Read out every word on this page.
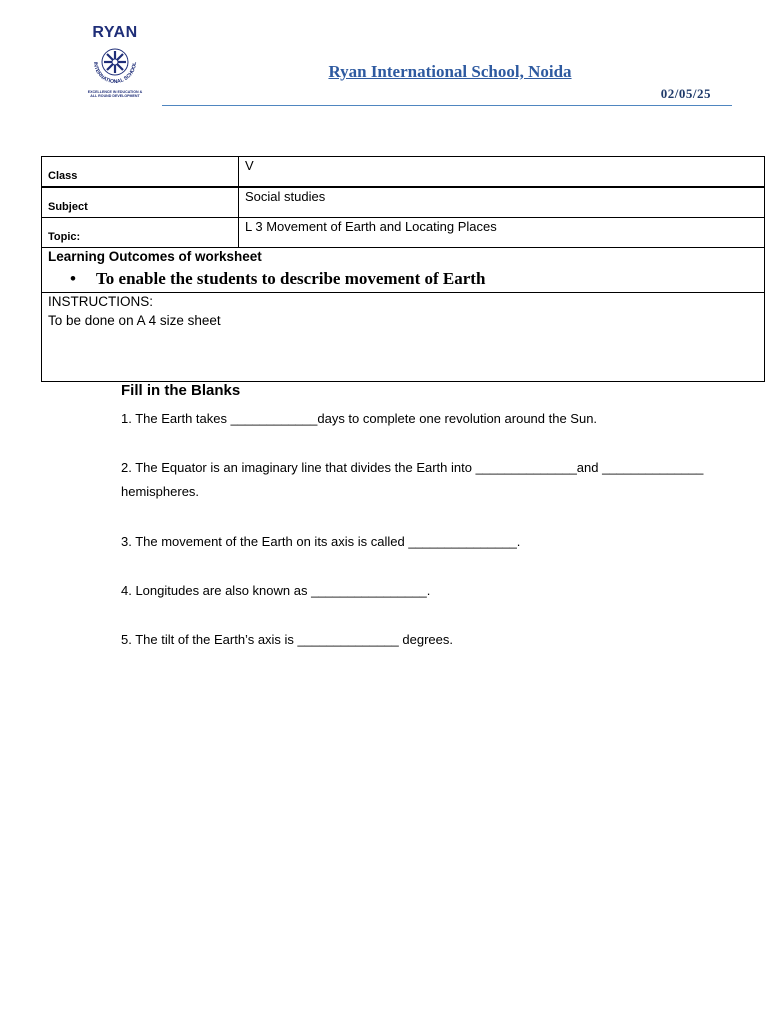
RYAN
INTERNATIONAL SCHOOL
EXCELLENCE IN EDUCATION & ALL ROUND DEVELOPMENT
Ryan International School, Noida
02/05/25
Class
V
Subject
Social studies
Topic:
L 3 Movement of Earth and Locating Places
Learning Outcomes of worksheet
• To enable the students to describe movement of Earth
INSTRUCTIONS:
To be done on A 4 size sheet
Fill in the Blanks
1. The Earth takes ____________days to complete one revolution around the Sun.
2. The Equator is an imaginary line that divides the Earth into ______________and ______________
hemispheres.
3. The movement of the Earth on its axis is called _______________.
4. Longitudes are also known as ________________.
5. The tilt of the Earth’s axis is ______________ degrees.
